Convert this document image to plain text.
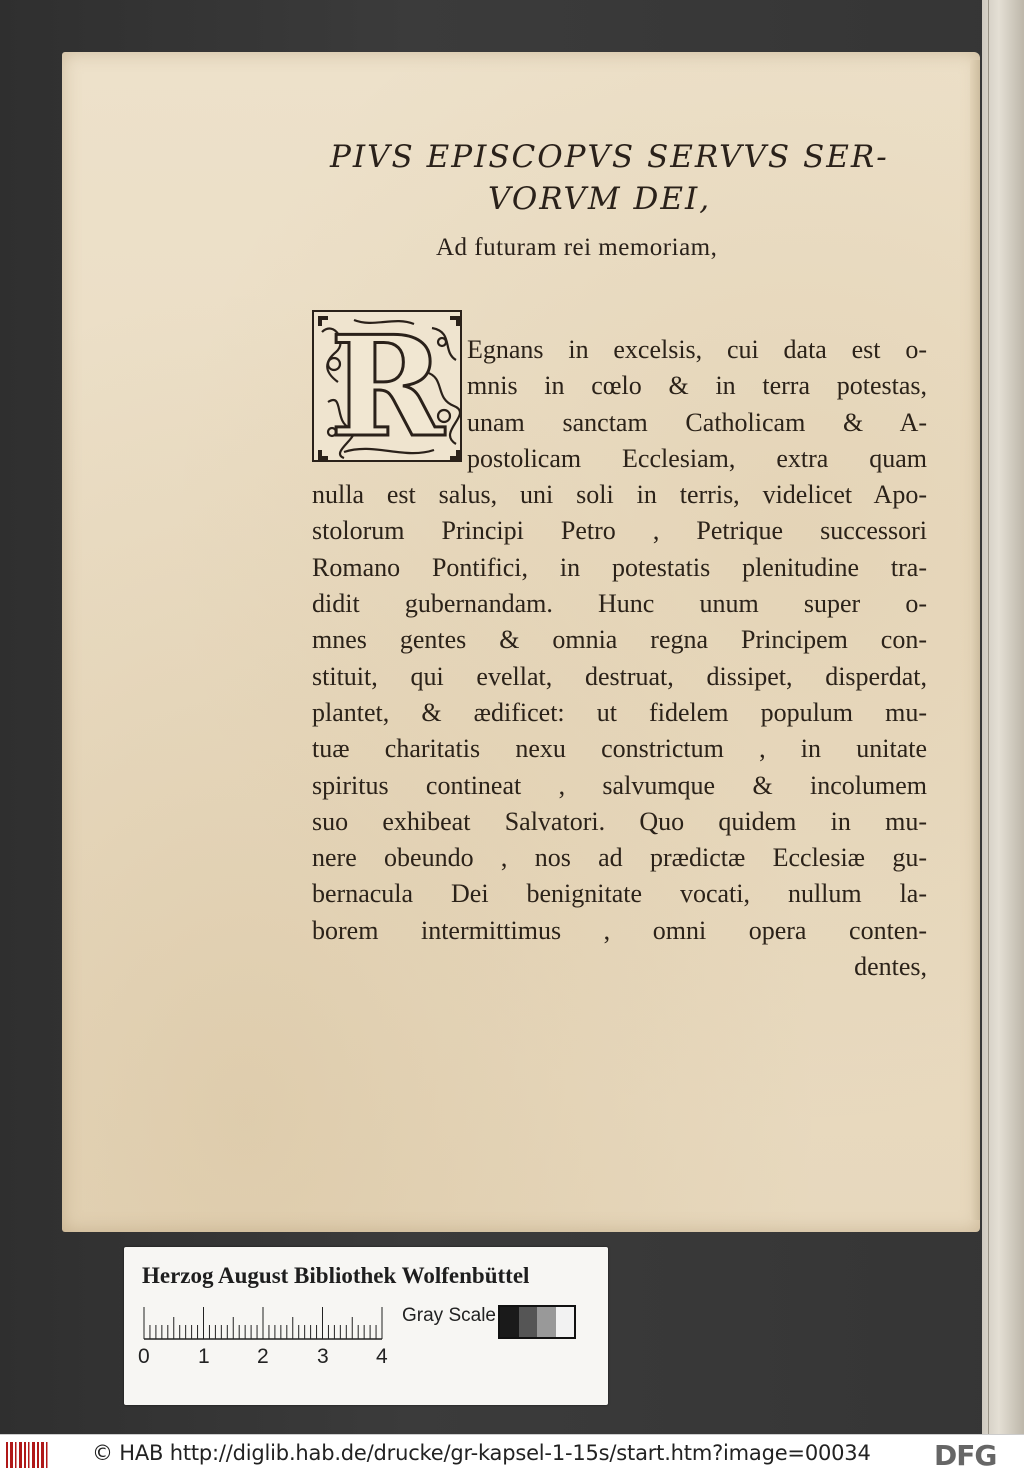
PIVS EPISCOPVS SERVVS SER-
VORVM DEI,
Ad futuram rei memoriam,
R Egnans in excelsis, cui data est o-
mnis in cœlo & in terra potestas,
unam sanctam Catholicam & A-
postolicam Ecclesiam, extra quam
nulla est salus, uni soli in terris, videlicet Apo-
stolorum Principi Petro , Petrique successori
Romano Pontifici, in potestatis plenitudine tra-
didit gubernandam. Hunc unum super o-
mnes gentes & omnia regna Principem con-
stituit, qui evellat, destruat, dissipet, disperdat,
plantet, & ædificet: ut fidelem populum mu-
tuæ charitatis nexu constrictum , in unitate
spiritus contineat , salvumque & incolumem
suo exhibeat Salvatori. Quo quidem in mu-
nere obeundo , nos ad prædictæ Ecclesiæ gu-
bernacula Dei benignitate vocati, nullum la-
borem intermittimus , omni opera conten-
dentes,
Herzog August Bibliothek Wolfenbüttel
Gray Scale
0 1 2 3 4
© HAB http://diglib.hab.de/drucke/gr-kapsel-1-15s/start.htm?image=00034 DFG
